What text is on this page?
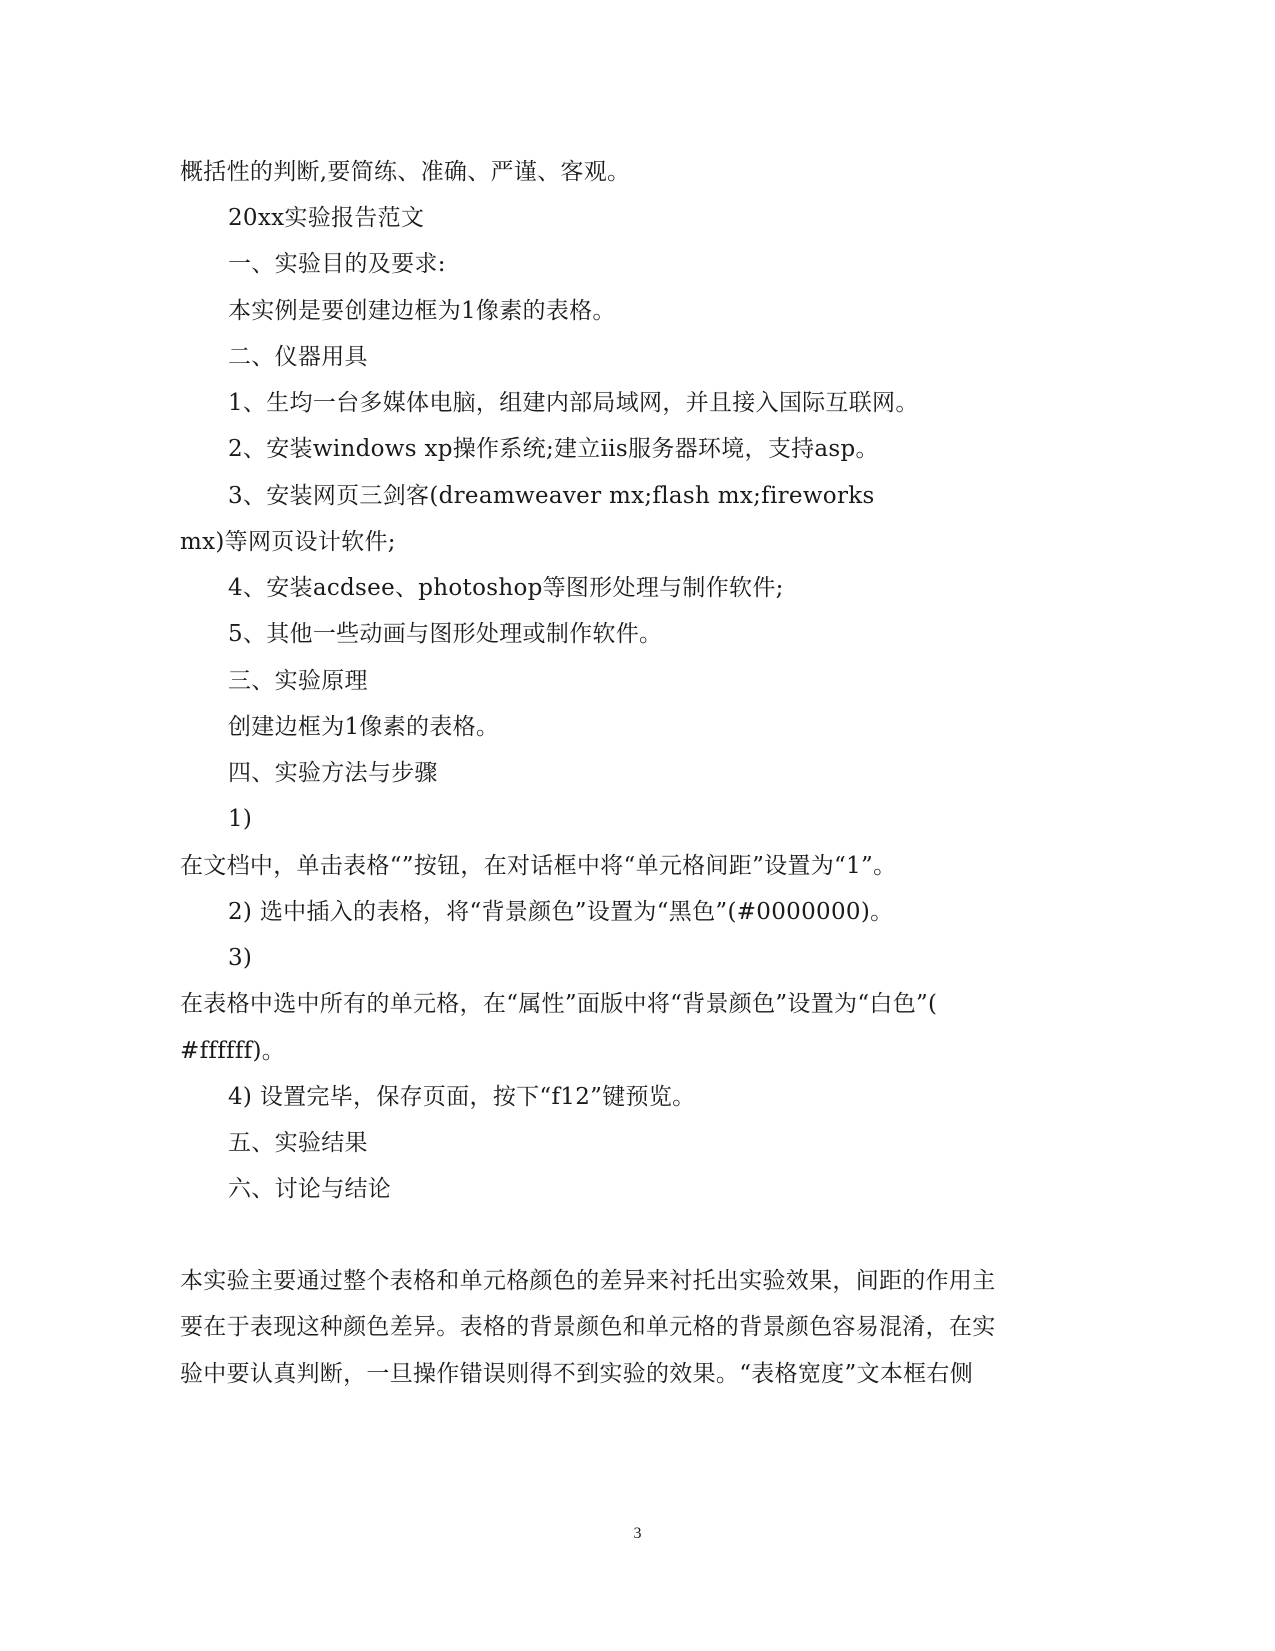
概括性的判断,要简练、准确、严谨、客观。
20xx实验报告范文
一、实验目的及要求:
本实例是要创建边框为1像素的表格。
二、仪器用具
1、生均一台多媒体电脑，组建内部局域网，并且接入国际互联网。
2、安装windows xp操作系统;建立iis服务器环境，支持asp。
3、安装网页三剑客(dreamweaver mx;flash mx;fireworks
mx)等网页设计软件;
4、安装acdsee、photoshop等图形处理与制作软件;
5、其他一些动画与图形处理或制作软件。
三、实验原理
创建边框为1像素的表格。
四、实验方法与步骤
1)
在文档中，单击表格“”按钮，在对话框中将“单元格间距”设置为“1”。
2) 选中插入的表格，将“背景颜色”设置为“黑色”(#0000000)。
3)
在表格中选中所有的单元格，在“属性”面版中将“背景颜色”设置为“白色”(
#ffffff)。
4) 设置完毕，保存页面，按下“f12”键预览。
五、实验结果
六、讨论与结论
本实验主要通过整个表格和单元格颜色的差异来衬托出实验效果，间距的作用主
要在于表现这种颜色差异。表格的背景颜色和单元格的背景颜色容易混淆，在实
验中要认真判断，一旦操作错误则得不到实验的效果。“表格宽度”文本框右侧
3
